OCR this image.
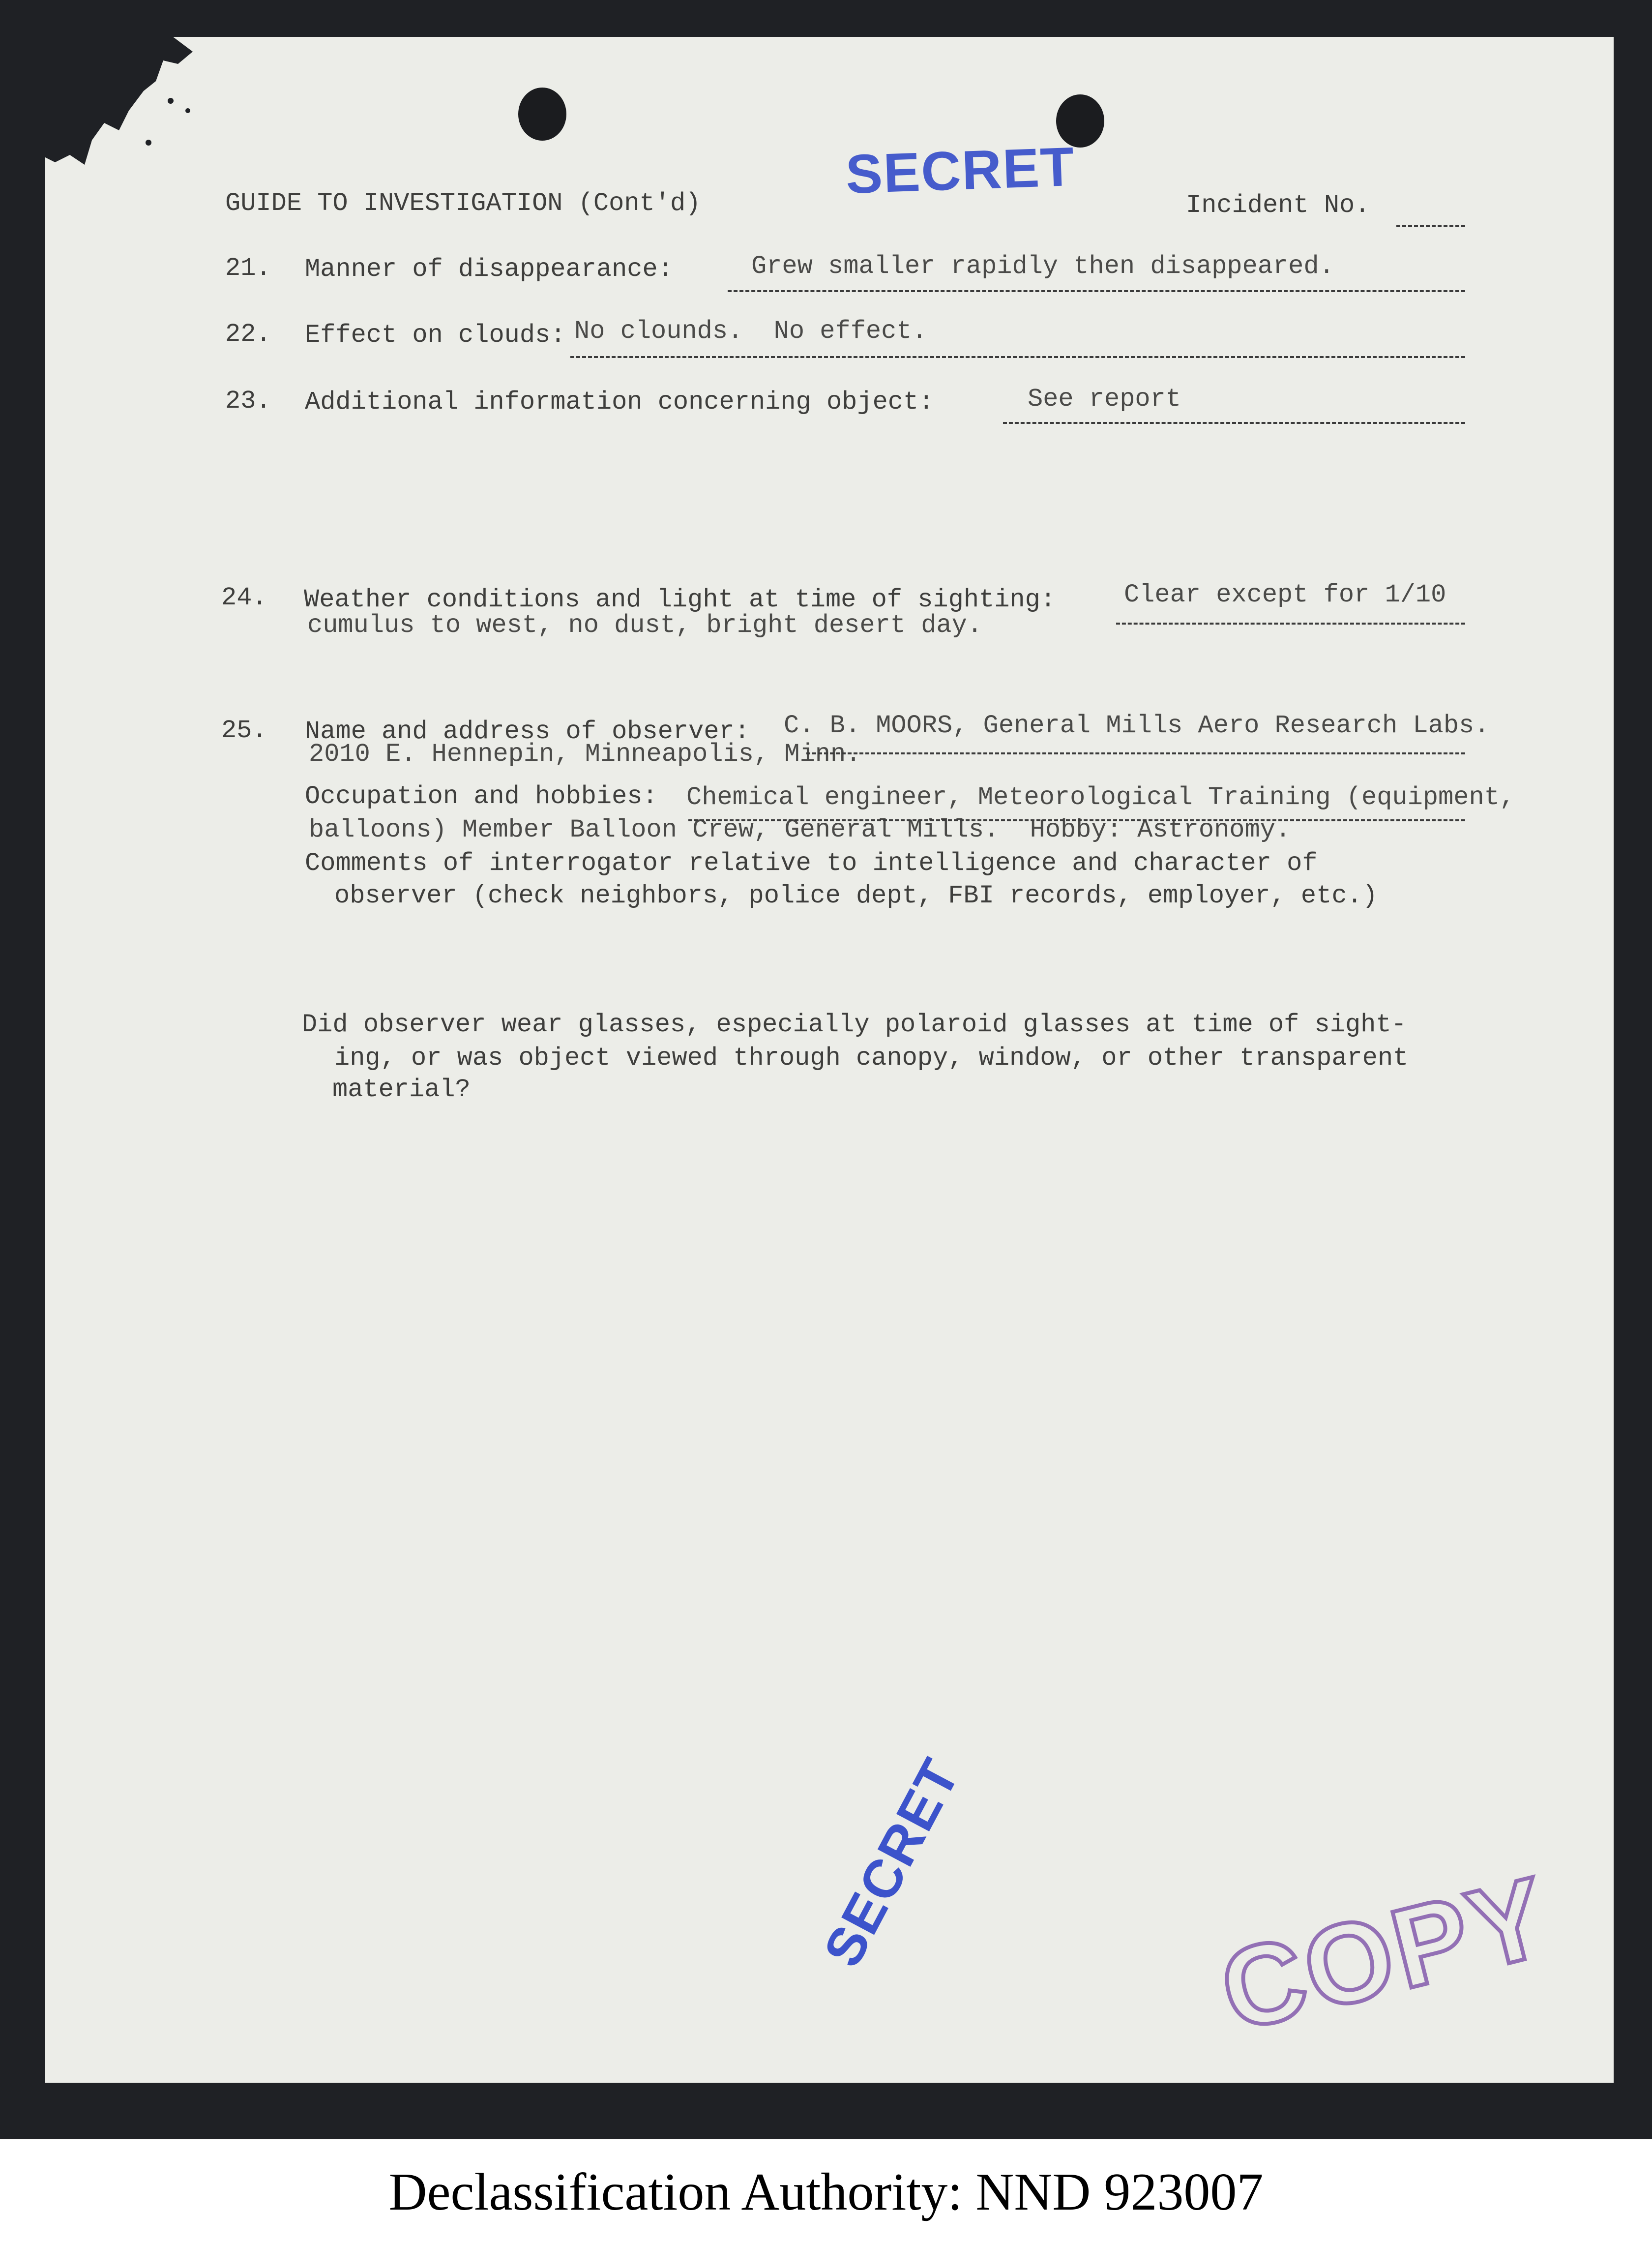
SECRET
SECRET COPY
GUIDE TO INVESTIGATION (Cont'd)	Incident No.
21. Manner of disappearance:	Grew smaller rapidly then disappeared.
22. Effect on clouds: No clounds.  No effect.
23. Additional information concerning object:	See report
24. Weather conditions and light at time of sighting:	Clear except for 1/10
cumulus to west, no dust, bright desert day.
25. Name and address of observer: C. B. MOORS, General Mills Aero Research Labs.
2010 E. Hennepin, Minneapolis, Minn.
Occupation and hobbies: Chemical engineer, Meteorological Training (equipment,
balloons) Member Balloon Crew, General Mills.  Hobby: Astronomy.
Comments of interrogator relative to intelligence and character of
observer (check neighbors, police dept, FBI records, employer, etc.)
Did observer wear glasses, especially polaroid glasses at time of sight-
ing, or was object viewed through canopy, window, or other transparent
material?
Declassification Authority: NND 923007
